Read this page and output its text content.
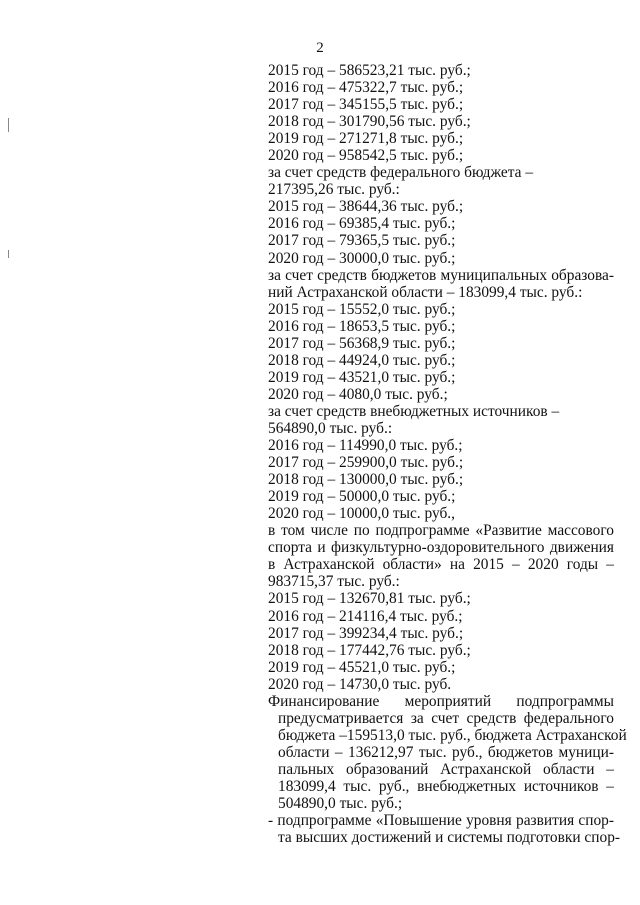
2
2015 год – 586523,21 тыс. руб.;
2016 год – 475322,7 тыс. руб.;
2017 год – 345155,5 тыс. руб.;
2018 год – 301790,56 тыс. руб.;
2019 год – 271271,8 тыс. руб.;
2020 год – 958542,5 тыс. руб.;
за счет средств федерального бюджета –
217395,26 тыс. руб.:
2015 год – 38644,36 тыс. руб.;
2016 год – 69385,4 тыс. руб.;
2017 год – 79365,5 тыс. руб.;
2020 год – 30000,0 тыс. руб.;
за счет средств бюджетов муниципальных образова-
ний Астраханской области – 183099,4 тыс. руб.:
2015 год – 15552,0 тыс. руб.;
2016 год – 18653,5 тыс. руб.;
2017 год – 56368,9 тыс. руб.;
2018 год – 44924,0 тыс. руб.;
2019 год – 43521,0 тыс. руб.;
2020 год – 4080,0 тыс. руб.;
за счет средств внебюджетных источников –
564890,0 тыс. руб.:
2016 год – 114990,0 тыс. руб.;
2017 год – 259900,0 тыс. руб.;
2018 год – 130000,0 тыс. руб.;
2019 год – 50000,0 тыс. руб.;
2020 год – 10000,0 тыс. руб.,
в том числе по подпрограмме «Развитие массового
спорта и физкультурно-оздоровительного движения
в Астраханской области» на 2015 – 2020 годы –
983715,37 тыс. руб.:
2015 год – 132670,81 тыс. руб.;
2016 год – 214116,4 тыс. руб.;
2017 год – 399234,4 тыс. руб.;
2018 год – 177442,76 тыс. руб.;
2019 год – 45521,0 тыс. руб.;
2020 год – 14730,0 тыс. руб.
Финансирование мероприятий подпрограммы
предусматривается за счет средств федерального
бюджета –159513,0 тыс. руб., бюджета Астраханской
области – 136212,97 тыс. руб., бюджетов муници-
пальных образований Астраханской области –
183099,4 тыс. руб., внебюджетных источников –
504890,0 тыс. руб.;
- подпрограмме «Повышение уровня развития спор-
та высших достижений и системы подготовки спор-
